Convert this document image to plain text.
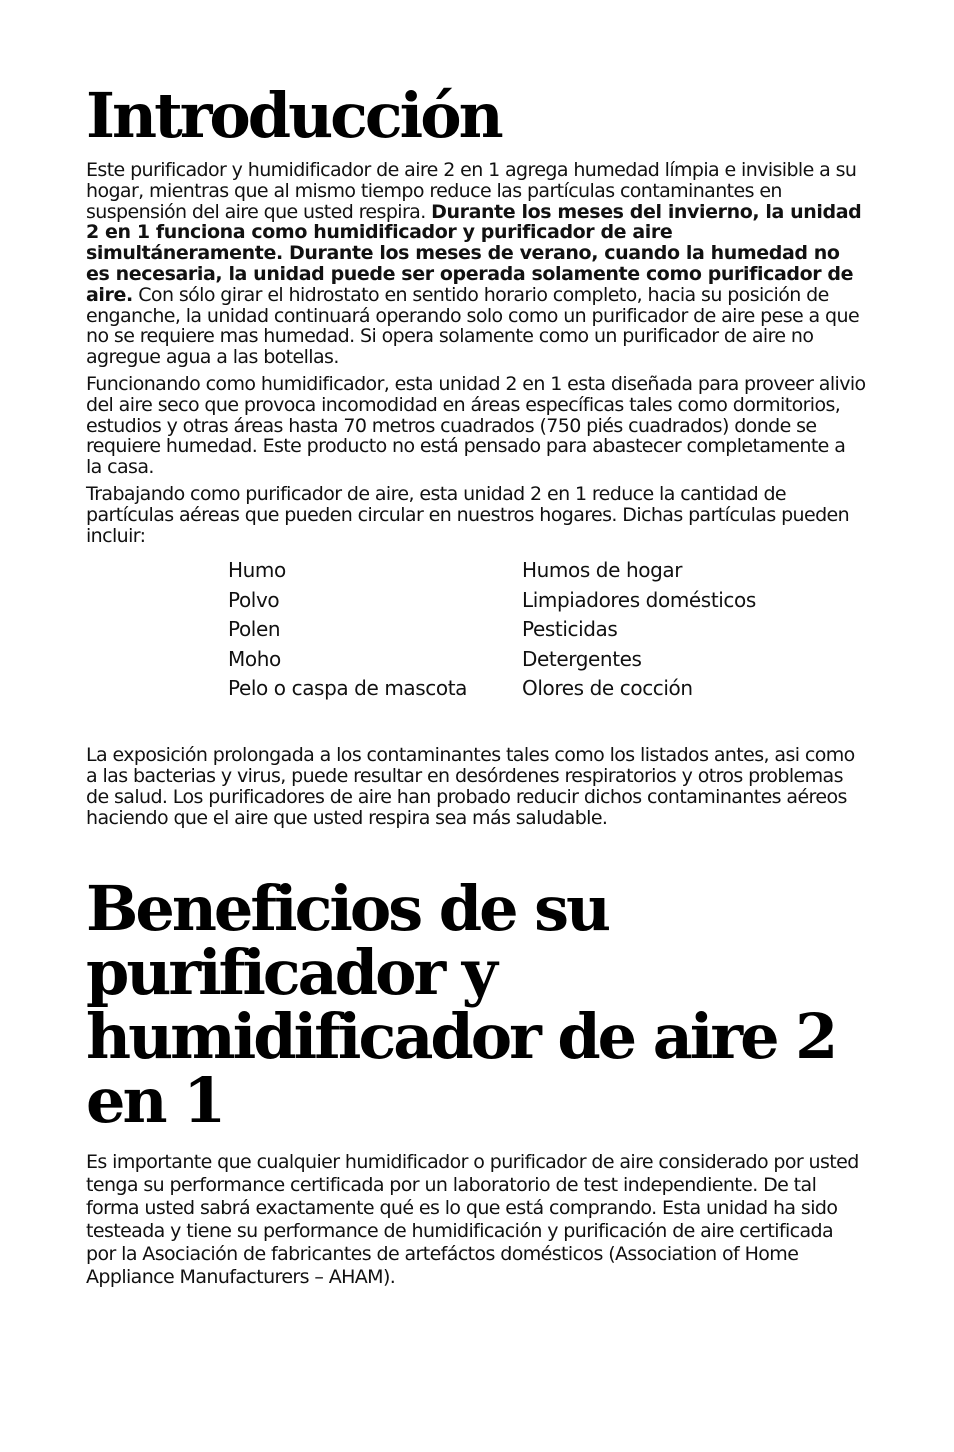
Introducción

Este purificador y humidificador de aire 2 en 1 agrega humedad límpia e invisible a su hogar, mientras que al mismo tiempo reduce las partículas contaminantes en suspensión del aire que usted respira. Durante los meses del invierno, la unidad 2 en 1 funciona como humidificador y purificador de aire simultáneramente. Durante los meses de verano, cuando la humedad no es necesaria, la unidad puede ser operada solamente como purificador de aire. Con sólo girar el hidrostato en sentido horario completo, hacia su posición de enganche, la unidad continuará operando solo como un purificador de aire pese a que no se requiere mas humedad. Si opera solamente como un purificador de aire no agregue agua a las botellas.

Funcionando como humidificador, esta unidad 2 en 1 esta diseñada para proveer alivio del aire seco que provoca incomodidad en áreas específicas tales como dormitorios, estudios y otras áreas hasta 70 metros cuadrados (750 piés cuadrados) donde se requiere humedad. Este producto no está pensado para abastecer completamente a la casa.

Trabajando como purificador de aire, esta unidad 2 en 1 reduce la cantidad de partículas aéreas que pueden circular en nuestros hogares. Dichas partículas pueden incluir:

Humo	Humos de hogar
Polvo	Limpiadores domésticos
Polen	Pesticidas
Moho	Detergentes
Pelo o caspa de mascota	Olores de cocción

La exposición prolongada a los contaminantes tales como los listados antes, asi como a las bacterias y virus, puede resultar en desórdenes respiratorios y otros problemas de salud. Los purificadores de aire han probado reducir dichos contaminantes aéreos haciendo que el aire que usted respira sea más saludable.

Beneficios de su purificador y
humidificador de aire 2 en 1

Es importante que cualquier humidificador o purificador de aire considerado por usted tenga su performance certificada por un laboratorio de test independiente. De tal forma usted sabrá exactamente qué es lo que está comprando. Esta unidad ha sido testeada y tiene su performance de humidificación y purificación de aire certificada por la Asociación de fabricantes de artefáctos domésticos (Association of Home Appliance Manufacturers – AHAM).
